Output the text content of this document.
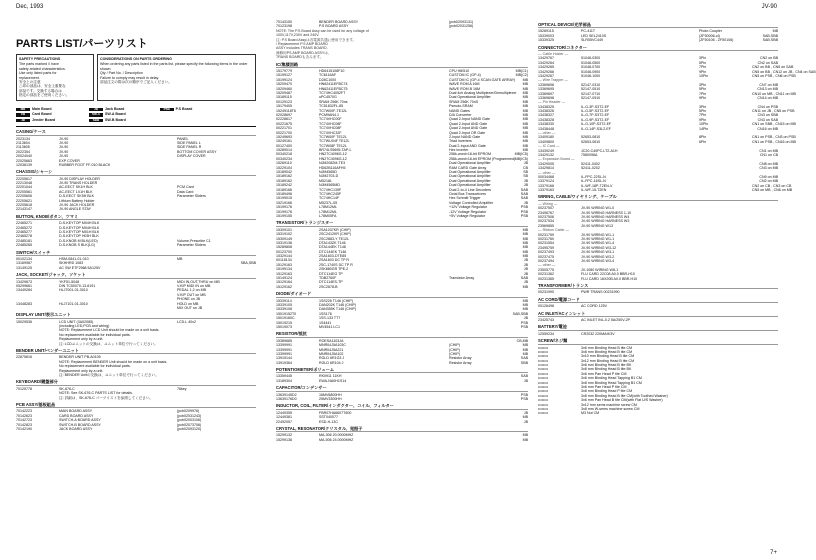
Dec, 1993	JV-90
PARTS LIST/パーツリスト
SAFETY PRECAUTIONS
The parts marked /\ have
safety-related characteristics.
Use only listed parts for
replacement.
安全上の注意
△印の部品は、安全上重要な
部品です。交換する場合は
指定の部品をご使用ください。
CONSIDERATIONS ON PARTS ORDERING
When ordering any parts listed in the parts list, please specify the following items in the order shown:
Qty / Part No. / Description
Failure to comply may result in delay.
部品注文の際は次の順序でご記入ください。
MB Main Board	JB Jack Board	PSB P.S Board
CB Card Board	SW-A SW-A Board
JB Jender Board	SBB SW-B Board
CASING/ケース
2023134	JV-90	PANEL
2113604	JV-90	SIDE PANEL L
2113605	JV-90	SIDE PANEL R
2022354	JV-90	BOTTOM COVER ASSY
20024040	JV-90	DISPLAY COVER
22025663	EXP COVER
12038139	RUBBER FOOT FF-010 BLACK
CHASSIS/シャーシ
22205617	JV-90 DISPLAY HOLDER
22213048	JV-90 TRANS HOLDER
22201044	AC-EECT SK1H BLK	PCM Card
22205561	AC-EECT 1X1H BLK	Data Card
22205606	D-S-EECT SK5H BLK	Parameter Sliders
22205621	Lithium Battery Holder
22205618	JV-90 JACK HOLDER
22143147	JV-90 ANGLE STAY
BUTTON, KNOB/ボタン、ツマミ
22465271	D-S-KEYTOP M04H BLK
22465272	D-S-KEYTOP M04H BLK
22465277	D-S-KEYTOP M01H BLK
22465278	D-S-KEYTOP H03H BLK
22485181	D-S-KNOB M BLK(LED)	Volume,Prescribe C1
22485265	D-S-KNOB S BLK(LG)	Parameter Sliders
SWITCH/スイッチ
00102134	HSM-0841-01-010	MB
13169987	SKHHRD 1083	SBA,SBB
13149125	AC SW ETF2968 5A125V
JACK, SOCKET/ジャック、ソケット
13429673	YKF51-5048	MIDI IN,OUT,THRU on MB
05299661	DIN TC50070-13-6191	V.KIP MIDI IN on MB
13449284	HLJ7001-01-3010	PEDAL 1,2 on MB
V.KIP OUT on MB
PHONE on JB
13448283	HLJ7101-01-3010	HOLD on MB
MIX OUT on JB
DISPLAY UNIT/表示ユニット
15029536	LCD UNIT (3A02085)	LCD-L 40x2
(including LED,PCB and wiring)
NOTE: Replacement LCD Unit should be made on a unit basis.
No replacement available for individual parts.
Replacement only by a unit.
注: LCDユニットの交換は、ユニット単位で行ってください。
BENDER UNIT/ベンダーユニット
22875816	BENDER UNIT PB-A0105
NOTE: Replacement BENDER Unit should be made on a unit basis.
No replacement available for individual parts.
Replacement only by a unit.
注: BENDER Unitの交換は、ユニット単位で行ってください。
KEYBOARD/鍵盤部分
70125778	SK-676-C	76key
NOTE: See SK-676-C PARTS LIST for details.
注: 詳細は、SK-676-C パーツリストを参照してください。
PCB ASSY/基板組品
70142223	MAIN BOARD ASSY	(pcb0209976)
70142623	CARD BOARD ASSY	(pcb02031243)
70142723	SWITCH-A BOARD ASSY	(pcb02003106)
70142823	SWITCH-B BOARD ASSY	(pcb02073706)
70142190	JACK BOARD ASSY	(pcb02093120)
70143150	BENDER BOARD ASSY	(pcb02093131)
70123198	P.S BOARD ASSY	(pcb02031256)
NOTE: The P.S Board Assy can be used for any voltage of
100V,117V,230V and 240V.
注: P.S Board Assyは各電源共通に使用できます。
/ Replacement P.S AMP BOARD
ASSY includes TRANS BOARD.
補修用PS AMP BOARD ASSYは、
TRANS BOARDも含みます。
IC/集積回路
15179779	HD6415108F10	CPU H8/510	MB(C1)
15199127	TC6116AF	CUSTOM IC (GP-4)	MB(C2)
15199124	D28C1000	CUSTOM IC (GP-4 SCAN GATE ARRAY)	MB
15209470	HN62411EFBC74	WAVE ROM A 16M	MB
15209460	HN62411EFBC75	WAVE ROM B 16M	MB
15209487	TC74HC4052FT	Dual 4ch Analog Multiplexer/Demultiplexer	MB
15189115	uPC4570G	Dual Operational Amplifier	MB
00129123	SRAM 256K 70ns	SRAM 256K 70nS	MB
15179405	TC51832FL-85	Pseudo-SRAM	MB
15249118T6	TC7W00F-TE12L	NAND Gates	MB
02028697	PCM9AN4.1	D/A Converter	MB
02228617	TC74VHC00F	Quad 2-Input NAND Gate	MB
00221675	TC74VHC08F	Quad 2-Input AND Gate	MB
00221701	TC74VHC08F	Quad 2-Input AND Gate	MB
00221700	TC74VHC32F	Quad 2-Input OR Gate	MB
15249693	TC7W00F TE12L	2-Input NAND Gate	MB
15249161	TC7WU04F TE12L	Triad inverters	MB
00127400	TC7W08F TE12L	Dual 2-Input AND Gate	MB
15289014	BR74LS5695-TAP-L	Hex inverter	MB
00340218	HN27C4096G-12	256k-word×16-bit EPROM	MB(IC5)
00340234	HN27C4096G-12	256k-word×16-bit EPROM (Programmed) MB(IC5)
15269110	NJM2082M-TE3	Dual Operational Amplifier	JB
15229104	HD62B116AFH5	RAM CARD Gate Array	CB
15189042	NJM4565D	Dual Operational Amplifier	SB
15189162	NJM2703-D	Dual Operational Amplifier	SB
15189162	M5218L	Dual Operational Amplifier	JB
15189242	NJM4565MD	Dual Operational Amplifier	JB
15189166	TC74HC139F	Dual 2-to-4 Line Decoders	SAB
15189496	TC74HC245F	Octal Bus Transceivers	SAB
15199015	TC74HC14F	Hex Schmitt Trigger	SAB
15219166	M5237L-05	Voltage Controlled Amplifier	JB
15199176	L78M12ML	+12V Voltage Regulator	PSB
15199176	L78M12ML	-12V Voltage Regulator	PSB
15199155	L78M05FA	+5V Voltage Regulator	PSB
TRANSISTOR/トランジスター
15309101	2SA1037KR (CHIP)	MB
15319102	2SC2412KR (CHIP)	MB
15309149	2SC2883-Y TE12L	MB
15319136	DTA143ZK T146	MB
15289808	DTA144EK T146	MB
00123700	DTC144EK T146	MB
15329144	2SA1603-DTE85	MB
00118134	2SA1603 DC TP R	JB
15129163	2SC-1740S DC TP R	JB
15199134	2SK880GR TPE-2	JB
15129163	DTC114EG TP	JB
15149124	TDB2760F	Transistor Array	SAB
15129164	DTC114ES-TP	JB
15129162	2SC2878-B	MB
DIODE/ダイオード
15339114	1SS226 T146 (CHIP)	MB
15339105	DAN202K T146 (CHIP)	MB
15339108	DAN355K T146 (CHIP)	MB
15019152T0	1SS176	SAB,SBB
15019160C	1SS-133 TT7	JB
15019215	1S4441	PSB
15019073	MV4541 LC1	PSB
RESISTOR/抵抗
15389685	ROESA1103JA	CB,MB
13399991	MNR04J5A103C	(CHIP)	MB
13399991	MNR04J5A221	(CHIP)	MB
13399991	MNR04J5A102	(CHIP)	MB
13919144	RGLD 6R1G3 J	Resistor Array	SAB
13919364	RGLD 6R104 J	Resistor Array	SBB
POTENTIOMETER/ポリューム
13359445	RK0911 11KH	SAB
13189304	EWA-NA0H1S14	JB
CAPACITOR/コンデンサー
13639145D2	16MV6800HH	PSB
13639176D0	25MV3300HH	PSB
INDUCTOR, COIL, FILTER/インダクター、コイル、フィルター
12449355	FBR07HA6607T600	JB
12449381	SST040077	MB
22492057	ESD-H-13C	JB
CRYSTAL, RESONATOR/クリスタル、発振子
15299132	MA-306 20.0000MHZ	MB
15299138	MA-506 24.0000MHZ	MB
OPTICAL DEVICE/光学部品
15289115	PC-411T	Photo Coupler	MB
15339003	LED SEL2410S	(ZF50006-ol)	SAB,SBB
15339325	SLR55VC449	(ZF50106 - ZF50106)	SAB,SBB
CONNECTOR/コネクター
— Cable Holder —
13429767	51048-0300	3Pin	CN2 on BB
13429264	51048-0500	5Pin	CN2 on SAB
13429265	51048-0700	7Pin	CN2 on BB , CN5 on SAB
13429266	51048-0900	9Pin	CN5 on BB , CN12 on JB , CN4 on SAB
13429267	51048-1000	10Pin	CN5 on PSB , CN6 on PSB
— Wire Trapper —
13369696	52147-0310	3Pin	CN7 on MB
13369695	52147-0510	5Pin	CN13 on MB
13369697	52147-0710	7Pin	CN10 on MB , CN11 on MB
13369698	52147-0910	9Pin	CN14 on MB
— Pin Header —
13438325	IL-G-3P-S3T2-EF	3Pin	CN4 on PSB
13438326	IL-G-5P-S3T2-EF	5Pin	CN11 on JB , CN5 on PSB
13438327	IL-G-7P-S3T2-EF	7Pin	CN3 on SBB
13438328	IL-G-9P-S3T2-EF	9Pin	CN3 on SAB
13438330	IL-G-10P-S3T2-EF	10Pin	CN1 on SBB , CN15 on MB
13438448	IL-G-14P-S3L2-EF	14Pin	CN16 on MB
— other —
13409180	52653-0810	8Pin	CN1 on PSB , CN3 on PSB
13409800	52653-0610	6Pin	CN1 on PSB , CN16 on MB
— IC Card —
13439249	JC20-C40PC-LT2-A1H	CN1 on MB
13429132	7580096A	CN1 on CB
— Expansion Board —
13429005	52411-0402	CN8 on MB
13429814	52411-0202	CN3 on MB
— other —
00034468	IL-FPC-22SL-N	CN9 on MB
13379124	IL-FPC-16SL-N	CN2 on MB
13379166	IL-WF-18P-T2EN-V	CN2 on CB , CN3 on CB
13379163	IL-WF-15-T2EN	CN5 on MB , CN6 on MB
WIRING, CABLE/ワイヤリング、ケーブル
— Wiring —
00237507	JV-90 WIRING W1-0
23496767	JV-90 WIRING HARNESS 1-10
00237506	JV-90 WIRING HARNESS W4
00237534	JV-90 WIRING HARNESS W3
23569855	JV-90 WIRING W13
— Ribbon Cable —
00231759	JV-90 WIRING W1-1
00231760	JV-90 WIRING W1-1
00231554	JV-90 WIRING W1-4
23495759	JV-90 WIRING W3-12
00237493	JV-90 WIRING W3-1
00237475	JV-90 WIRING W3-2
00237494	JV-90 WIRING W3-4
— other —
23505775	JV-1080 WIRING W8-1
00231362	FLU CARD 22C08 A0.0 BBR-H10
00231365	FLU CARD 16X20B A0.0 BBR-H10
TRANSFORMER/トランス
00231990	PWR TRANS 00231990
AC CORD/電源コード
00126498	AC CORD 125V
AC INLET/ACインレット
23425743	AC INLET INL-0.2 5A/250V-2P
BATTERY/電池
12559234	CR2032 220MAH/3V
SCREW/ネジ類
••••••••	3x6 mm Binding Head B tite CM
••••••••	3x8 mm Binding Head B tite CM
••••••••	3x10 mm Binding Head B tite CM
••••••••	3x12 mm Binding Head B tite CM
••••••••	3x6 mm Binding Head B tite BK
••••••••	3x8 mm Binding Head B tite BK
••••••••	3x6 mm Pan Head P tite CM
••••••••	3x6 mm Binding Head Tapping B1 CM
••••••••	3x8 mm Binding Head Tapping B1 CM
••••••••	3x6 mm Pan Head P tite CM
••••••••	3x8 mm Binding Head P tite CM
••••••••	3x8 mm Binding Head B tite CM(with Toothed Washer)
••••••••	3x6 mm Pan Head B tite CM(with Flat U/S Washer)
••••••••	3x12 mm sems machine screw CM
••••••••	3x8 mm W-sems machine screw CM
••••••••	M3 Nut CM
7+
